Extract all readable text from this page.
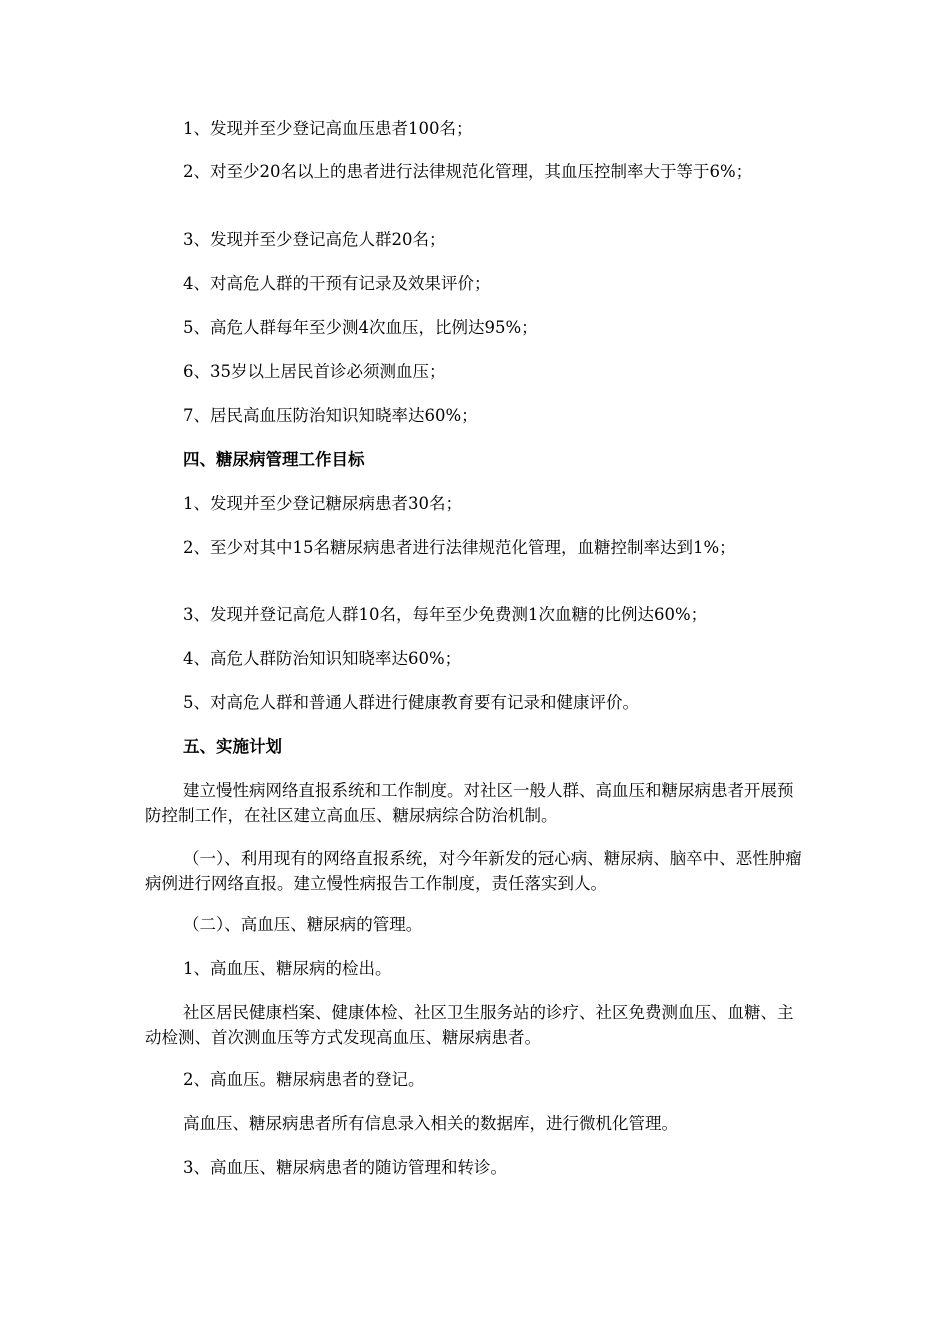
1、发现并至少登记高血压患者100名；

2、对至少20名以上的患者进行法律规范化管理，其血压控制率大于等于6%；

3、发现并至少登记高危人群20名；

4、对高危人群的干预有记录及效果评价；

5、高危人群每年至少测4次血压，比例达95%；

6、35岁以上居民首诊必须测血压；

7、居民高血压防治知识知晓率达60%；

四、糖尿病管理工作目标

1、发现并至少登记糖尿病患者30名；

2、至少对其中15名糖尿病患者进行法律规范化管理，血糖控制率达到1%；

3、发现并登记高危人群10名，每年至少免费测1次血糖的比例达60%；

4、高危人群防治知识知晓率达60%；

5、对高危人群和普通人群进行健康教育要有记录和健康评价。

五、实施计划

建立慢性病网络直报系统和工作制度。对社区一般人群、高血压和糖尿病患者开展预防控制工作，在社区建立高血压、糖尿病综合防治机制。

（一）、利用现有的网络直报系统，对今年新发的冠心病、糖尿病、脑卒中、恶性肿瘤病例进行网络直报。建立慢性病报告工作制度，责任落实到人。

（二）、高血压、糖尿病的管理。

1、高血压、糖尿病的检出。

社区居民健康档案、健康体检、社区卫生服务站的诊疗、社区免费测血压、血糖、主动检测、首次测血压等方式发现高血压、糖尿病患者。

2、高血压。糖尿病患者的登记。

高血压、糖尿病患者所有信息录入相关的数据库，进行微机化管理。

3、高血压、糖尿病患者的随访管理和转诊。
